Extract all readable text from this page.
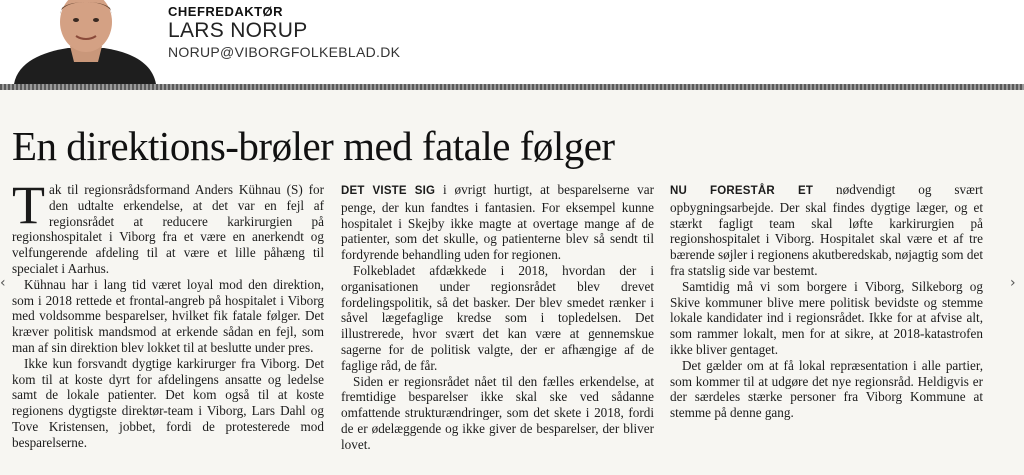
CHEFREDAKTØR
LARS NORUP
NORUP@VIBORGFOLKEBLAD.DK
En direktions-brøler med fatale følger

Tak til regionsrådsformand Anders Kühnau (S) for den udtalte erkendelse, at det var en fejl af regionsrådet at reducere karkirurgien på regionshospitalet i Viborg fra et være en anerkendt og velfungerende afdeling til at være et lille påhæng til specialet i Aarhus.

Kühnau har i lang tid været loyal mod den direktion, som i 2018 rettede et frontal-angreb på hospitalet i Viborg med voldsomme besparelser, hvilket fik fatale følger. Det kræver politisk mandsmod at erkende sådan en fejl, som man af sin direktion blev lokket til at beslutte under pres.

Ikke kun forsvandt dygtige karkirurger fra Viborg. Det kom til at koste dyrt for afdelingens ansatte og ledelse samt de lokale patienter. Det kom også til at koste regionens dygtigste direktør-team i Viborg, Lars Dahl og Tove Kristensen, jobbet, fordi de protesterede mod besparelserne.

DET VISTE SIG i øvrigt hurtigt, at besparelserne var penge, der kun fandtes i fantasien. For eksempel kunne hospitalet i Skejby ikke magte at overtage mange af de patienter, som det skulle, og patienterne blev så sendt til fordyrende behandling uden for regionen.

Folkebladet afdækkede i 2018, hvordan der i organisationen under regionsrådet blev drevet fordelingspolitik, så det basker. Der blev smedet rænker i såvel lægefaglige kredse som i topledelsen. Det illustrerede, hvor svært det kan være at gennemskue sagerne for de politisk valgte, der er afhængige af de faglige råd, de får.

Siden er regionsrådet nået til den fælles erkendelse, at fremtidige besparelser ikke skal ske ved sådanne omfattende strukturændringer, som det skete i 2018, fordi de er ødelæggende og ikke giver de besparelser, der bliver lovet.

NU FORESTÅR ET nødvendigt og svært opbygningsarbejde. Der skal findes dygtige læger, og et stærkt fagligt team skal løfte karkirurgien på regionshospitalet i Viborg. Hospitalet skal være et af tre bærende søjler i regionens akutberedskab, nøjagtig som det fra statslig side var bestemt.

Samtidig må vi som borgere i Viborg, Silkeborg og Skive kommuner blive mere politisk bevidste og stemme lokale kandidater ind i regionsrådet. Ikke for at afvise alt, som rammer lokalt, men for at sikre, at 2018-katastrofen ikke bliver gentaget.

Det gælder om at få lokal repræsentation i alle partier, som kommer til at udgøre det nye regionsråd. Heldigvis er der særdeles stærke personer fra Viborg Kommune at stemme på denne gang.

‹	›
